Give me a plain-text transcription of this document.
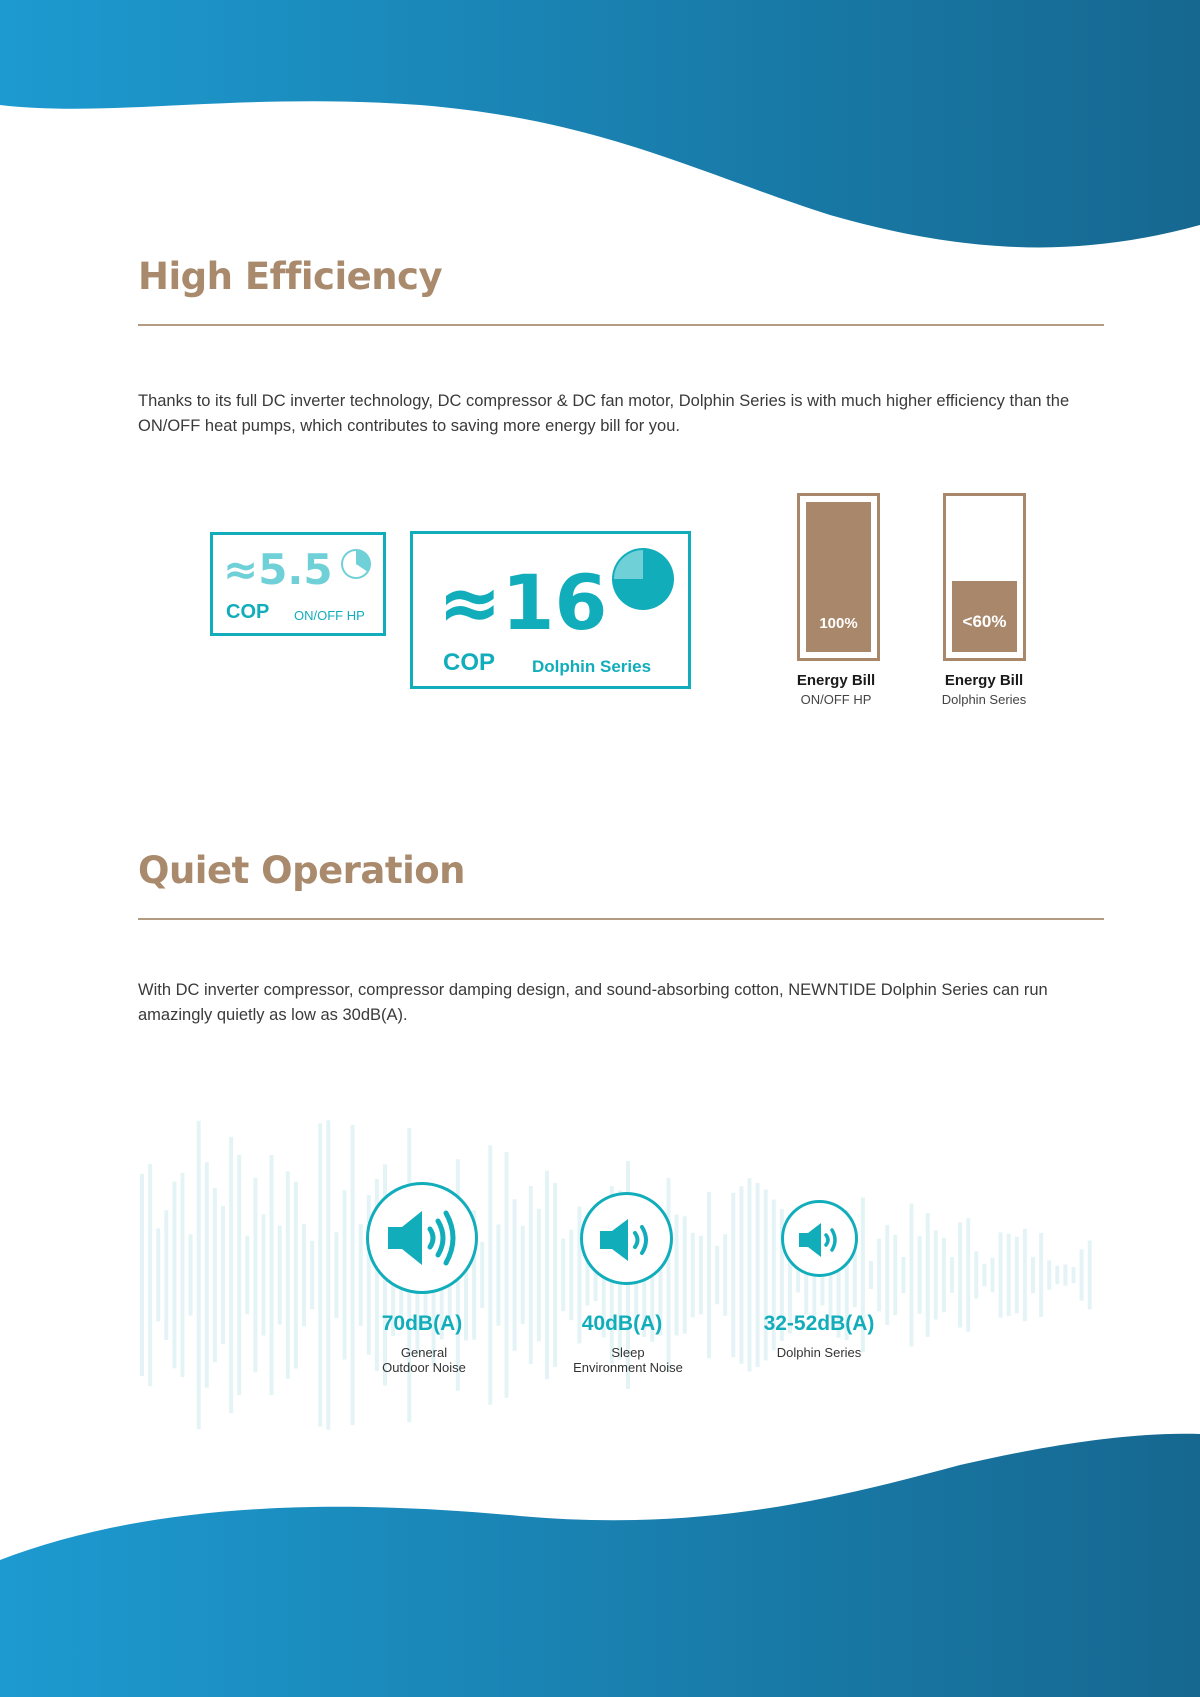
High Efficiency

Thanks to its full DC inverter technology, DC compressor & DC fan motor, Dolphin Series is with much higher efficiency than the ON/OFF heat pumps, which contributes to saving more energy bill for you.

≈5.5
COP ON/OFF HP ≈16
COP Dolphin Series
100%	<60%
Energy Bill
ON/OFF HP
Energy Bill
Dolphin Series
Quiet Operation

With DC inverter compressor, compressor damping design, and sound-absorbing cotton, NEWNTIDE Dolphin Series can run amazingly quietly as low as 30dB(A).

70dB(A)
General
Outdoor Noise
40dB(A)
Sleep
Environment Noise
32-52dB(A)
Dolphin Series
